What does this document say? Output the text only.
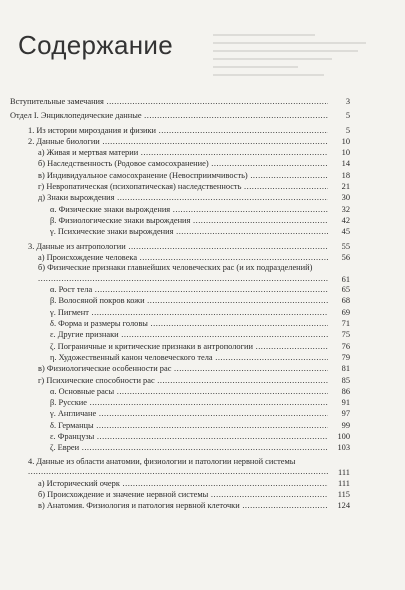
Содержание
Вступительные замечания .....	3
Отдел I. Энциклопедические данные .....	5
1. Из истории мироздания и физики .....	5
2. Данные биологии .....	10
а) Живая и мертвая материи .....	10
б) Наследственность (Родовое самосохранение) .....	14
в) Индивидуальное самосохранение (Невосприимчивость) .....	18
г) Невропатическая (психопатическая) наследственность .....	21
д) Знаки вырождения .....	30
α. Физические знаки вырождения .....	32
β. Физиологические знаки вырождения .....	42
γ. Психические знаки вырождения .....	45
3. Данные из антропологии .....	55
а) Происхождение человека .....	56
б) Физические признаки главнейших человеческих рас (и их подразделений) .....
61
α. Рост тела .....	65
β. Волосяной покров кожи .....	68
γ. Пигмент .....	69
δ. Форма и размеры головы .....	71
ε. Другие признаки .....	75
ζ. Пограничные и критические признаки в антропологии .....	76
η. Художественный канон человеческого тела .....	79
в) Физиологические особенности рас .....	81
г) Психические способности рас .....	85
α. Основные расы .....	86
β. Русские .....	91
γ. Англичане .....	97
δ. Германцы .....	99
ε. Французы .....	100
ζ. Евреи .....	103
4. Данные из области анатомии, физиологии и патологии нервной системы .....
111
а) Исторический очерк .....	111
б) Происхождение и значение нервной системы .....	115
в) Анатомия. Физиология и патология нервной клеточки .....	124
